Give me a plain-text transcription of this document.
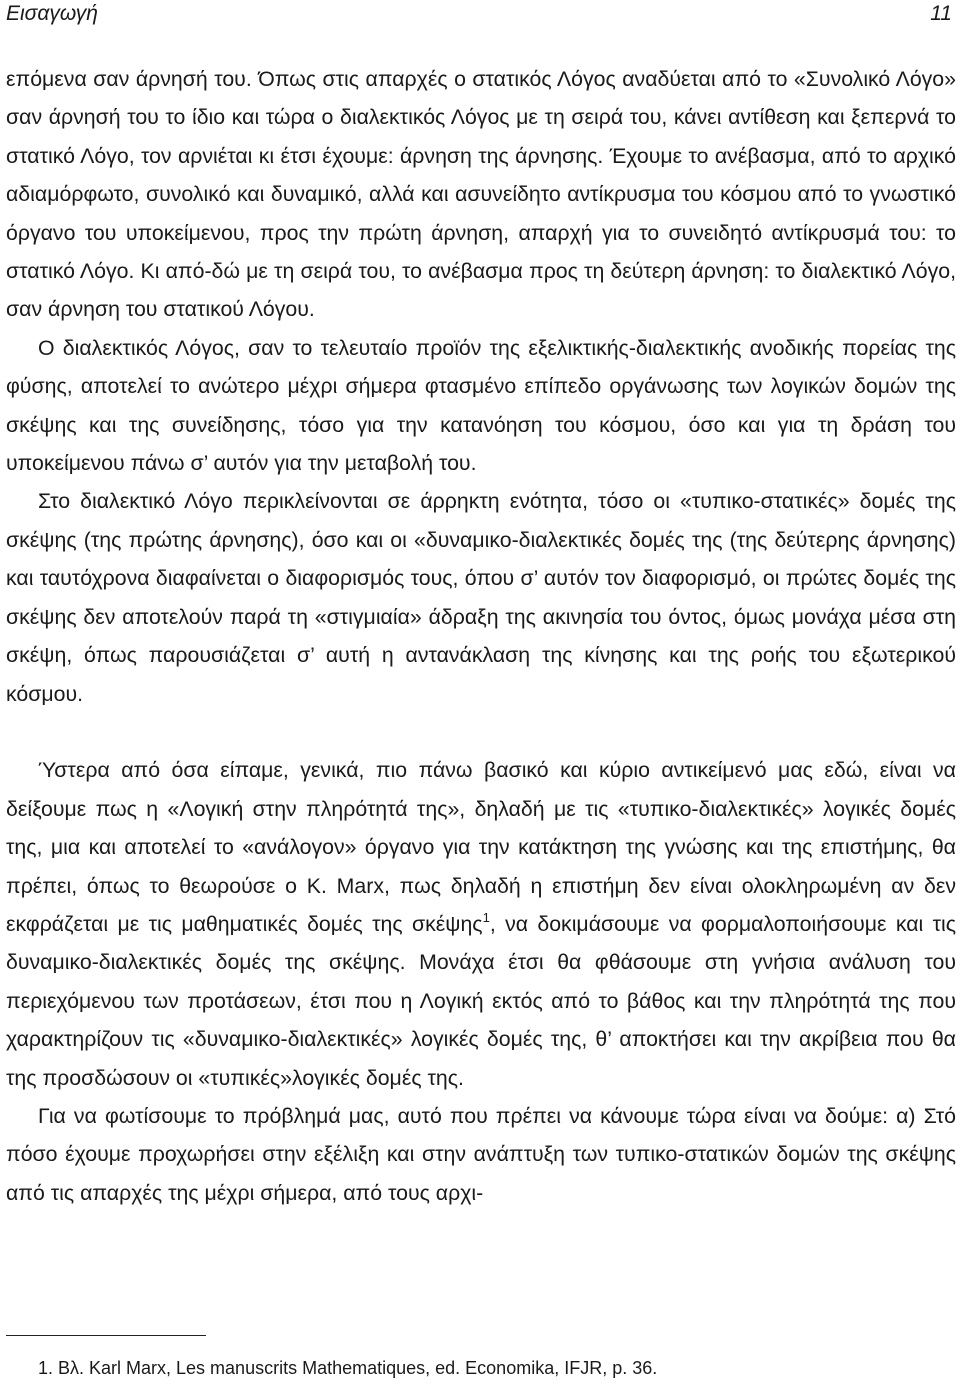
Εισαγωγή	11

επόμενα σαν άρνησή του. Όπως στις απαρχές ο στατικός Λόγος αναδύεται από το «Συνολικό Λόγο» σαν άρνησή του το ίδιο και τώρα ο διαλεκτικός Λόγος με τη σειρά του, κάνει αντίθεση και ξεπερνά το στατικό Λόγο, τον αρνιέται κι έτσι έχουμε: άρνηση της άρνησης. Έχουμε το ανέβασμα, από το αρχικό αδιαμόρφωτο, συνολικό και δυναμικό, αλλά και ασυνείδητο αντίκρυσμα του κόσμου από το γνωστικό όργανο του υποκείμενου, προς την πρώτη άρνηση, απαρχή για το συνειδητό αντίκρυσμά του: το στατικό Λόγο. Κι από-δώ με τη σειρά του, το ανέβασμα προς τη δεύτερη άρνηση: το διαλεκτικό Λόγο, σαν άρνηση του στατικού Λόγου.

Ο διαλεκτικός Λόγος, σαν το τελευταίο προϊόν της εξελικτικής-διαλεκτικής ανοδικής πορείας της φύσης, αποτελεί το ανώτερο μέχρι σήμερα φτασμένο επίπεδο οργάνωσης των λογικών δομών της σκέψης και της συνείδησης, τόσο για την κατανόηση του κόσμου, όσο και για τη δράση του υποκείμενου πάνω σ’ αυτόν για την μεταβολή του.

Στο διαλεκτικό Λόγο περικλείνονται σε άρρηκτη ενότητα, τόσο οι «τυπικο-στατικές» δομές της σκέψης (της πρώτης άρνησης), όσο και οι «δυναμικο-διαλεκτικές δομές της (της δεύτερης άρνησης) και ταυτόχρονα διαφαίνεται ο διαφορισμός τους, όπου σ’ αυτόν τον διαφορισμό, οι πρώτες δομές της σκέψης δεν αποτελούν παρά τη «στιγμιαία» άδραξη της ακινησία του όντος, όμως μονάχα μέσα στη σκέψη, όπως παρουσιάζεται σ’ αυτή η αντανάκλαση της κίνησης και της ροής του εξωτερικού κόσμου.

Ύστερα από όσα είπαμε, γενικά, πιο πάνω βασικό και κύριο αντικείμενό μας εδώ, είναι να δείξουμε πως η «Λογική στην πληρότητά της», δηλαδή με τις «τυπικο-διαλεκτικές» λογικές δομές της, μια και αποτελεί το «ανάλογον» όργανο για την κατάκτηση της γνώσης και της επιστήμης, θα πρέπει, όπως το θεωρούσε ο Κ. Marx, πως δηλαδή η επιστήμη δεν είναι ολοκληρωμένη αν δεν εκφράζεται με τις μαθηματικές δομές της σκέψης$^1$, να δοκιμάσουμε να φορμαλοποιήσουμε και τις δυναμικο-διαλεκτικές δομές της σκέψης. Μονάχα έτσι θα φθάσουμε στη γνήσια ανάλυση του περιεχόμενου των προτάσεων, έτσι που η Λογική εκτός από το βάθος και την πληρότητά της που χαρακτηρίζουν τις «δυναμικο-διαλεκτικές» λογικές δομές της, θ’ αποκτήσει και την ακρίβεια που θα της προσδώσουν οι «τυπικές»λογικές δομές της.

Για να φωτίσουμε το πρόβλημά μας, αυτό που πρέπει να κάνουμε τώρα είναι να δούμε: α) Στό πόσο έχουμε προχωρήσει στην εξέλιξη και στην ανάπτυξη των τυπικο-στατικών δομών της σκέψης από τις απαρχές της μέχρι σήμερα, από τους αρχι-

1. Βλ. Karl Marx, Les manuscrits Mathematiques, ed. Economika, IFJR, p. 36.
